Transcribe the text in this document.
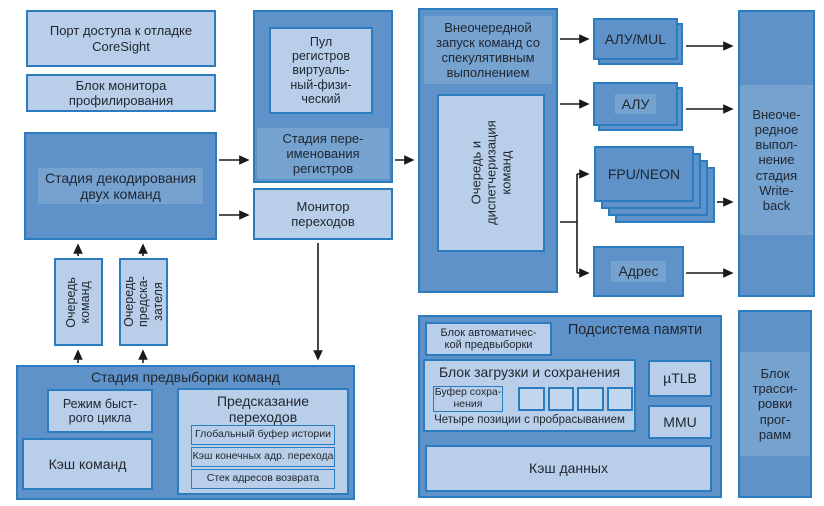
Порт доступа к отладке
CoreSight
Блок монитора
профилирования
Стадия декодирования
двух команд
Очередь
команд Очередь
предска-
зателя
Стадия предвыборки команд
Режим быст-
рого цикла
Кэш команд
Предсказание
переходов
Глобальный буфер истории
Кэш конечных адр. перехода
Стек адресов возврата
Пул
регистров
виртуаль-
ный-физи-
ческий
Стадия пере-
именования
регистров
Монитор
переходов
Внеочередной
запуск команд со
спекулятивным
выполнением
Очередь и
диспетчеризация
команд
АЛУ/MUL
АЛУ
FPU/NEON
Адрес
Внеоче-
редное
выпол-
нение
стадия
Write-
back
Подсистема памяти
Блок автоматичес-
кой предвыборки
Блок загрузки и сохранения
Буфер сохра-
нения
Четыре позиции с пробрасыванием
µTLB
MMU
Кэш данных
Блок
трасси-
ровки
прог-
рамм
